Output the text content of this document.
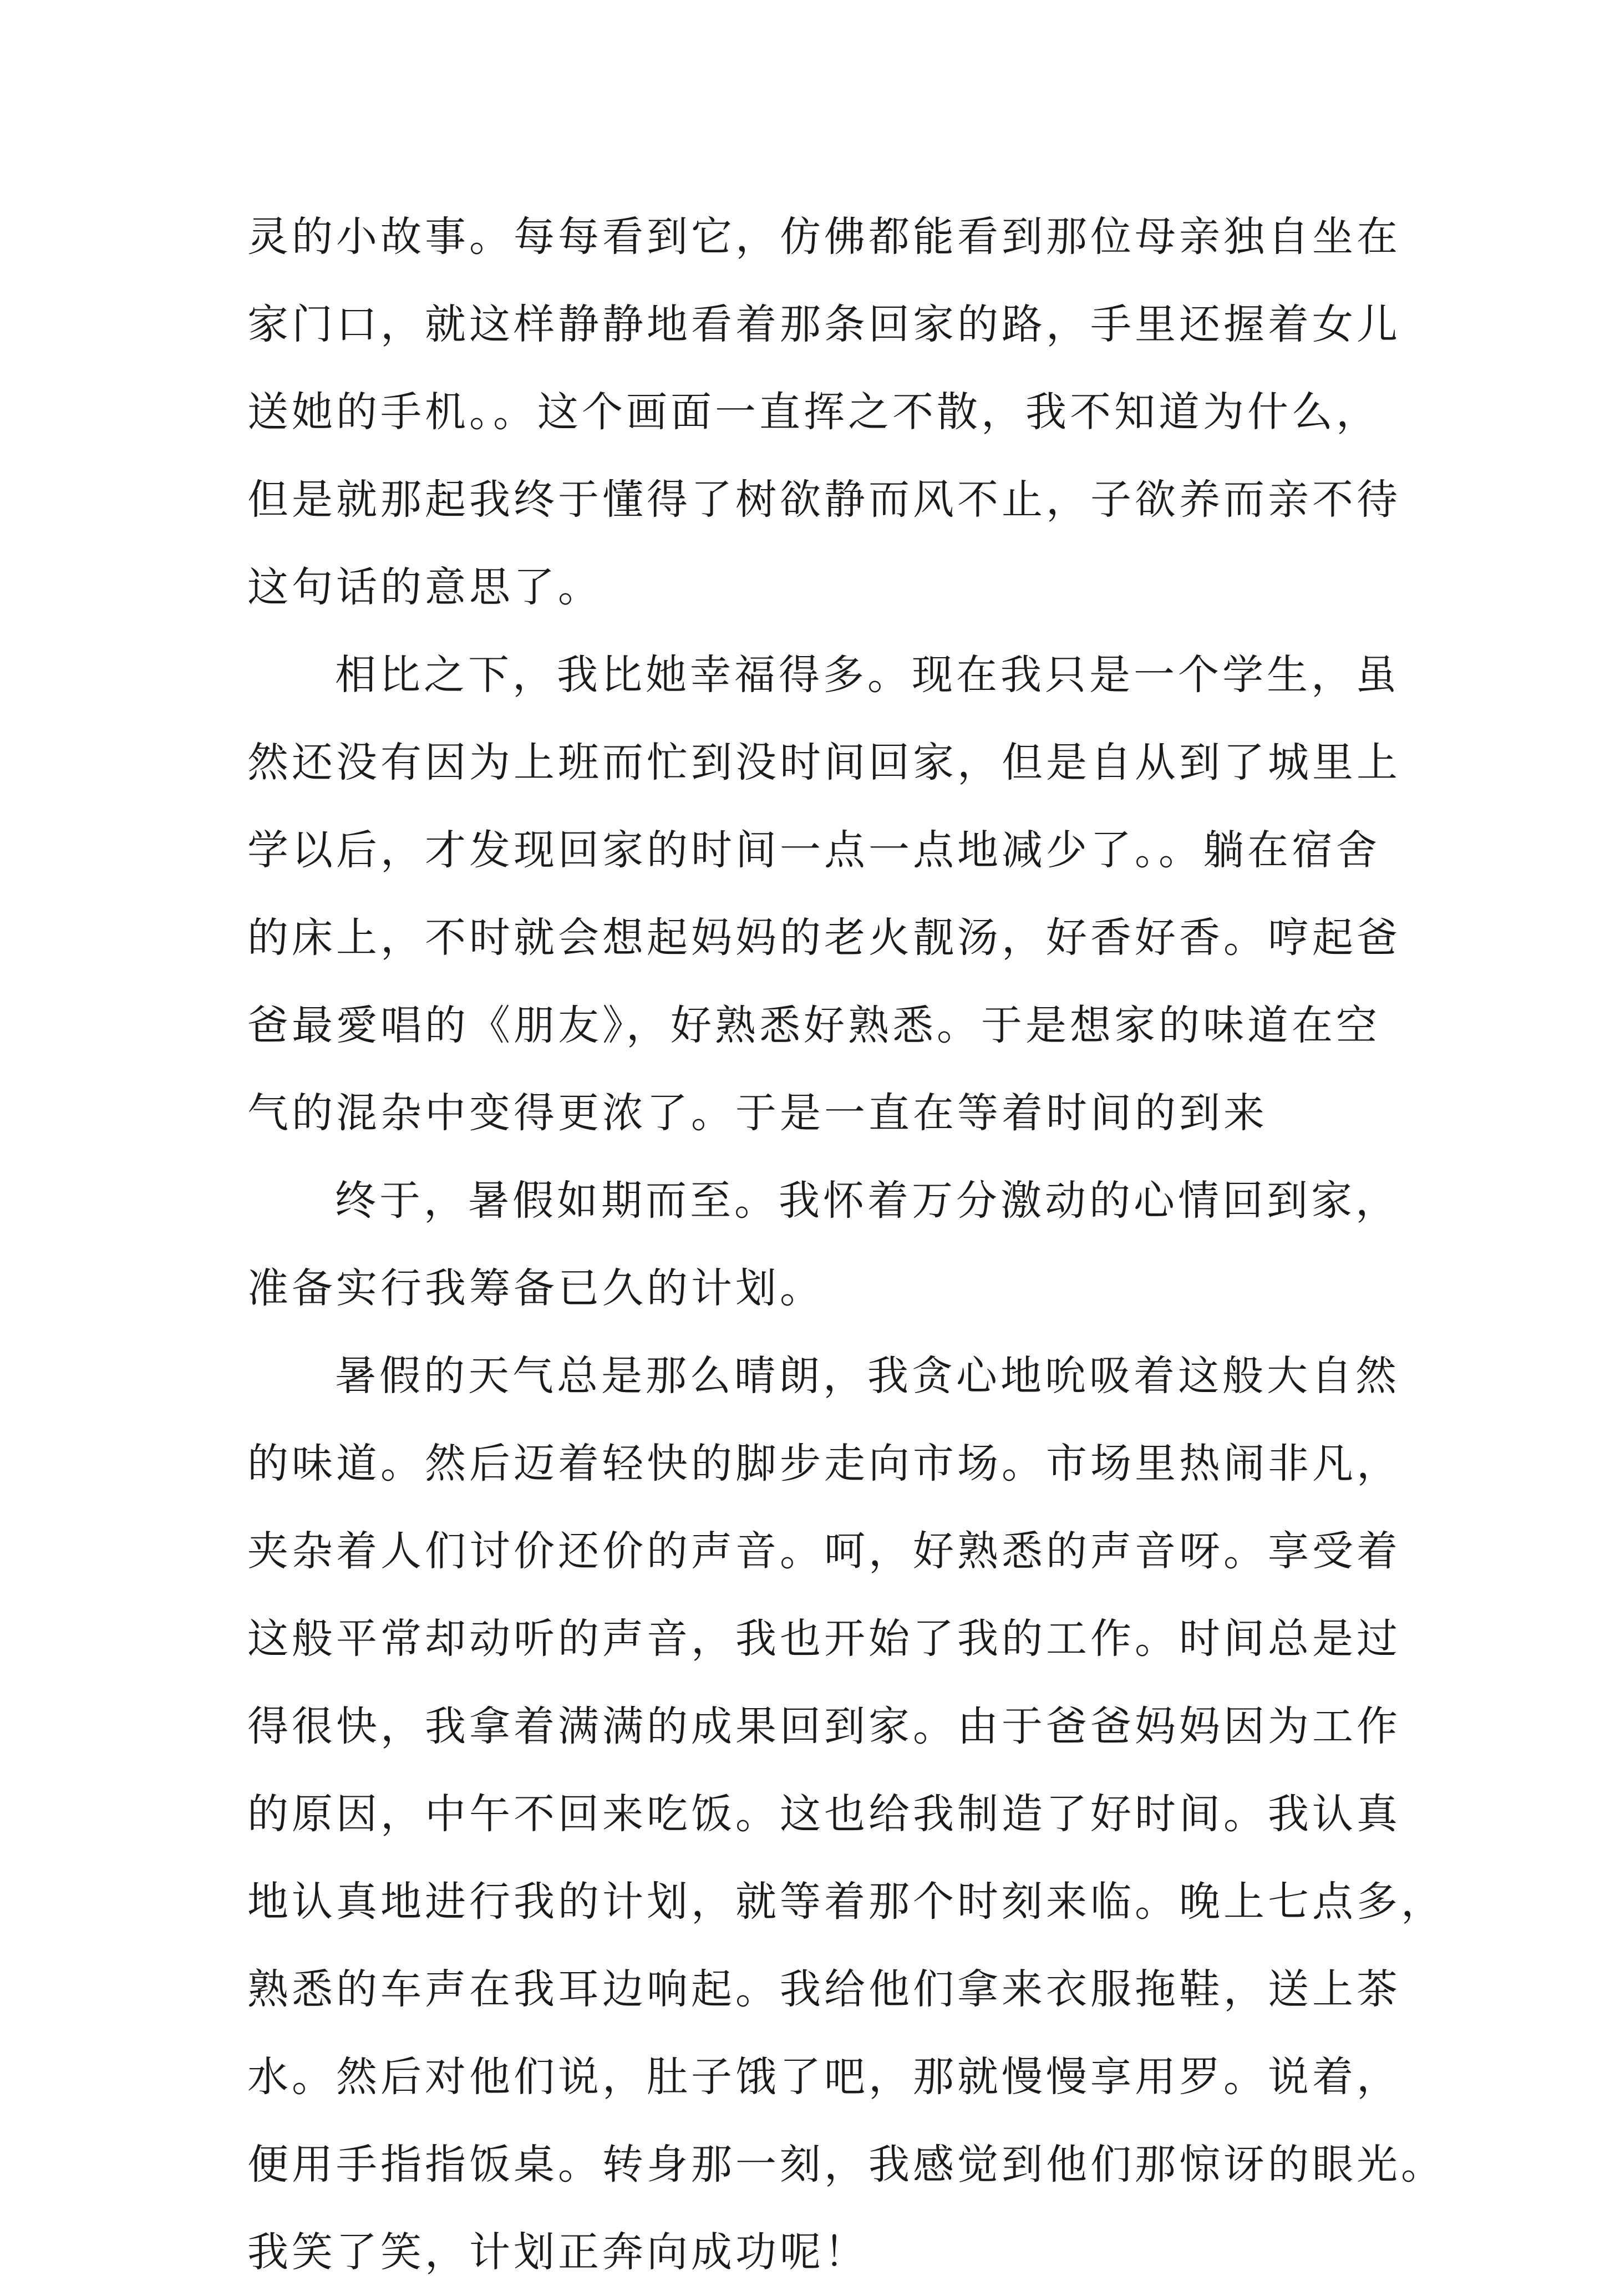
灵的小故事。每每看到它，仿佛都能看到那位母亲独自坐在
家门口，就这样静静地看着那条回家的路，手里还握着女儿
送她的手机。。这个画面一直挥之不散，我不知道为什么，
但是就那起我终于懂得了树欲静而风不止，子欲养而亲不待
这句话的意思了。
相比之下，我比她幸福得多。现在我只是一个学生，虽
然还没有因为上班而忙到没时间回家，但是自从到了城里上
学以后，才发现回家的时间一点一点地减少了。。躺在宿舍
的床上，不时就会想起妈妈的老火靓汤，好香好香。哼起爸
爸最愛唱的《朋友》，好熟悉好熟悉。于是想家的味道在空
气的混杂中变得更浓了。于是一直在等着时间的到来
终于，暑假如期而至。我怀着万分激动的心情回到家，
准备实行我筹备已久的计划。
暑假的天气总是那么晴朗，我贪心地吮吸着这般大自然
的味道。然后迈着轻快的脚步走向市场。市场里热闹非凡，
夹杂着人们讨价还价的声音。呵，好熟悉的声音呀。享受着
这般平常却动听的声音，我也开始了我的工作。时间总是过
得很快，我拿着满满的成果回到家。由于爸爸妈妈因为工作
的原因，中午不回来吃饭。这也给我制造了好时间。我认真
地认真地进行我的计划，就等着那个时刻来临。晚上七点多，
熟悉的车声在我耳边响起。我给他们拿来衣服拖鞋，送上茶
水。然后对他们说，肚子饿了吧，那就慢慢享用罗。说着，
便用手指指饭桌。转身那一刻，我感觉到他们那惊讶的眼光。
我笑了笑，计划正奔向成功呢！
